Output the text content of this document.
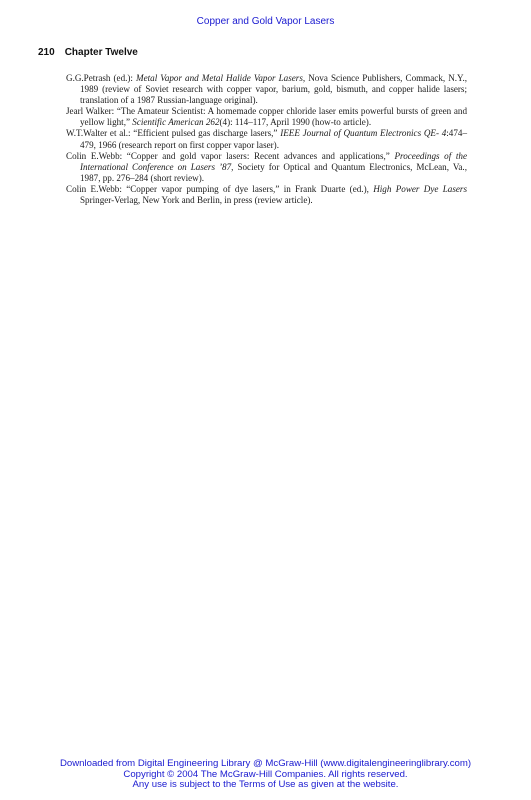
Copper and Gold Vapor Lasers
210 Chapter Twelve

G.G.Petrash (ed.): Metal Vapor and Metal Halide Vapor Lasers, Nova Science Publishers, Commack, N.Y., 1989 (review of Soviet research with copper vapor, barium, gold, bismuth, and copper halide lasers; translation of a 1987 Russian-language original).

Jearl Walker: “The Amateur Scientist: A homemade copper chloride laser emits powerful bursts of green and yellow light,” Scientific American 262(4): 114–117, April 1990 (how-to article).

W.T.Walter et al.: “Efficient pulsed gas discharge lasers,” IEEE Journal of Quantum Electronics QE- 4:474–479, 1966 (research report on first copper vapor laser).

Colin E.Webb: “Copper and gold vapor lasers: Recent advances and applications,” Proceedings of the International Conference on Lasers ’87, Society for Optical and Quantum Electronics, McLean, Va., 1987, pp. 276–284 (short review).

Colin E.Webb: “Copper vapor pumping of dye lasers,” in Frank Duarte (ed.), High Power Dye Lasers Springer-Verlag, New York and Berlin, in press (review article).

Downloaded from Digital Engineering Library @ McGraw-Hill (www.digitalengineeringlibrary.com)
Copyright © 2004 The McGraw-Hill Companies. All rights reserved.
Any use is subject to the Terms of Use as given at the website.
